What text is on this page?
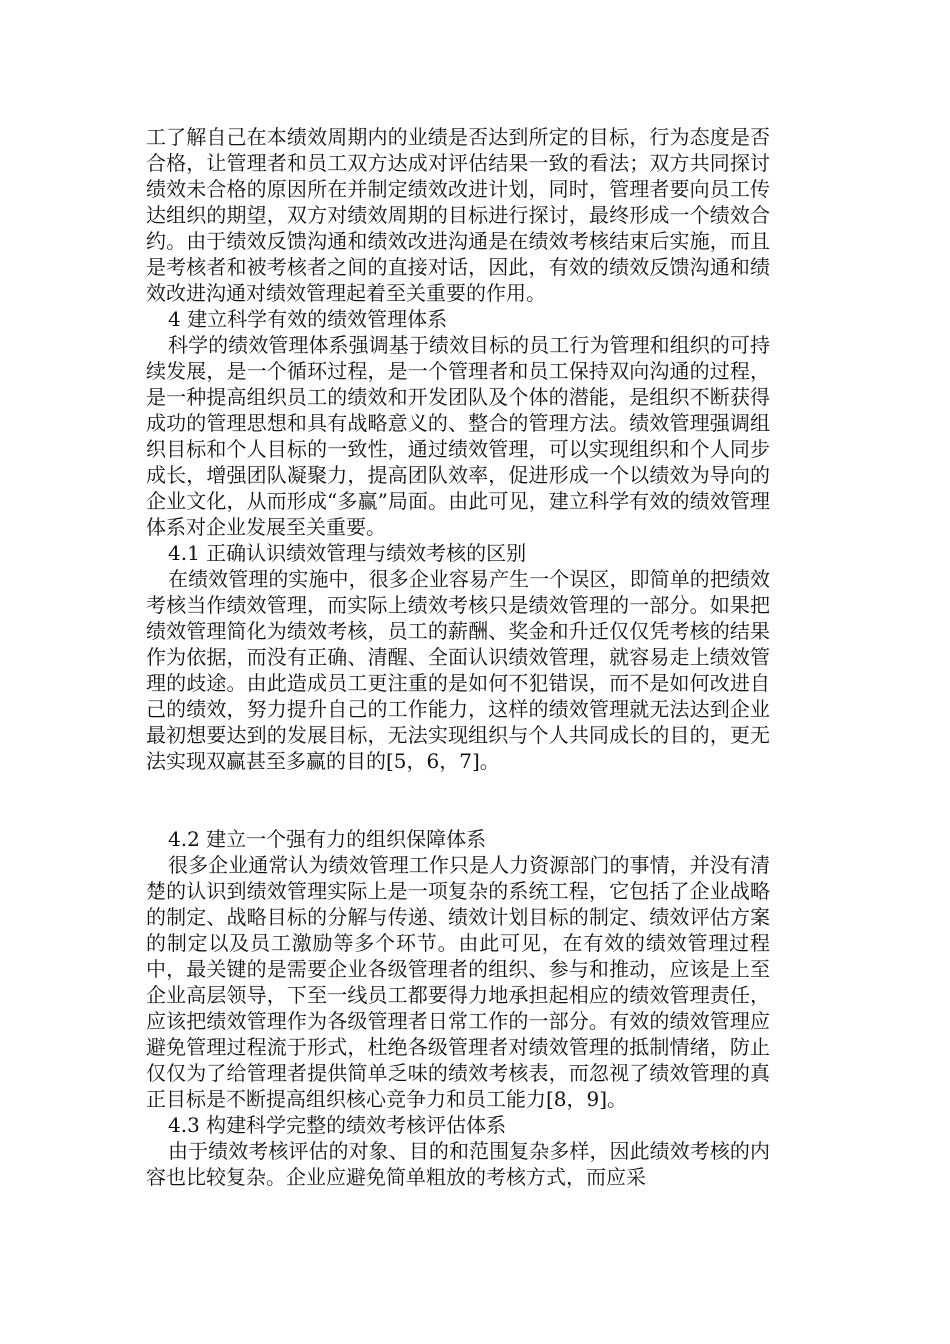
工了解自己在本绩效周期内的业绩是否达到所定的目标，行为态度是否合格，让管理者和员工双方达成对评估结果一致的看法；双方共同探讨绩效未合格的原因所在并制定绩效改进计划，同时，管理者要向员工传达组织的期望，双方对绩效周期的目标进行探讨，最终形成一个绩效合约。由于绩效反馈沟通和绩效改进沟通是在绩效考核结束后实施，而且是考核者和被考核者之间的直接对话，因此，有效的绩效反馈沟通和绩效改进沟通对绩效管理起着至关重要的作用。

4 建立科学有效的绩效管理体系

科学的绩效管理体系强调基于绩效目标的员工行为管理和组织的可持续发展，是一个循环过程，是一个管理者和员工保持双向沟通的过程，是一种提高组织员工的绩效和开发团队及个体的潜能，是组织不断获得成功的管理思想和具有战略意义的、整合的管理方法。绩效管理强调组织目标和个人目标的一致性，通过绩效管理，可以实现组织和个人同步成长，增强团队凝聚力，提高团队效率，促进形成一个以绩效为导向的企业文化，从而形成“多赢”局面。由此可见，建立科学有效的绩效管理体系对企业发展至关重要。

4.1 正确认识绩效管理与绩效考核的区别

在绩效管理的实施中，很多企业容易产生一个误区，即简单的把绩效考核当作绩效管理，而实际上绩效考核只是绩效管理的一部分。如果把绩效管理简化为绩效考核，员工的薪酬、奖金和升迁仅仅凭考核的结果作为依据，而没有正确、清醒、全面认识绩效管理，就容易走上绩效管理的歧途。由此造成员工更注重的是如何不犯错误，而不是如何改进自己的绩效，努力提升自己的工作能力，这样的绩效管理就无法达到企业最初想要达到的发展目标，无法实现组织与个人共同成长的目的，更无法实现双赢甚至多赢的目的[5，6，7]。

4.2 建立一个强有力的组织保障体系

很多企业通常认为绩效管理工作只是人力资源部门的事情，并没有清楚的认识到绩效管理实际上是一项复杂的系统工程，它包括了企业战略的制定、战略目标的分解与传递、绩效计划目标的制定、绩效评估方案的制定以及员工激励等多个环节。由此可见，在有效的绩效管理过程中，最关键的是需要企业各级管理者的组织、参与和推动，应该是上至企业高层领导，下至一线员工都要得力地承担起相应的绩效管理责任，应该把绩效管理作为各级管理者日常工作的一部分。有效的绩效管理应避免管理过程流于形式，杜绝各级管理者对绩效管理的抵制情绪，防止仅仅为了给管理者提供简单乏味的绩效考核表，而忽视了绩效管理的真正目标是不断提高组织核心竞争力和员工能力[8，9]。

4.3 构建科学完整的绩效考核评估体系

由于绩效考核评估的对象、目的和范围复杂多样，因此绩效考核的内容也比较复杂。企业应避免简单粗放的考核方式，而应采
